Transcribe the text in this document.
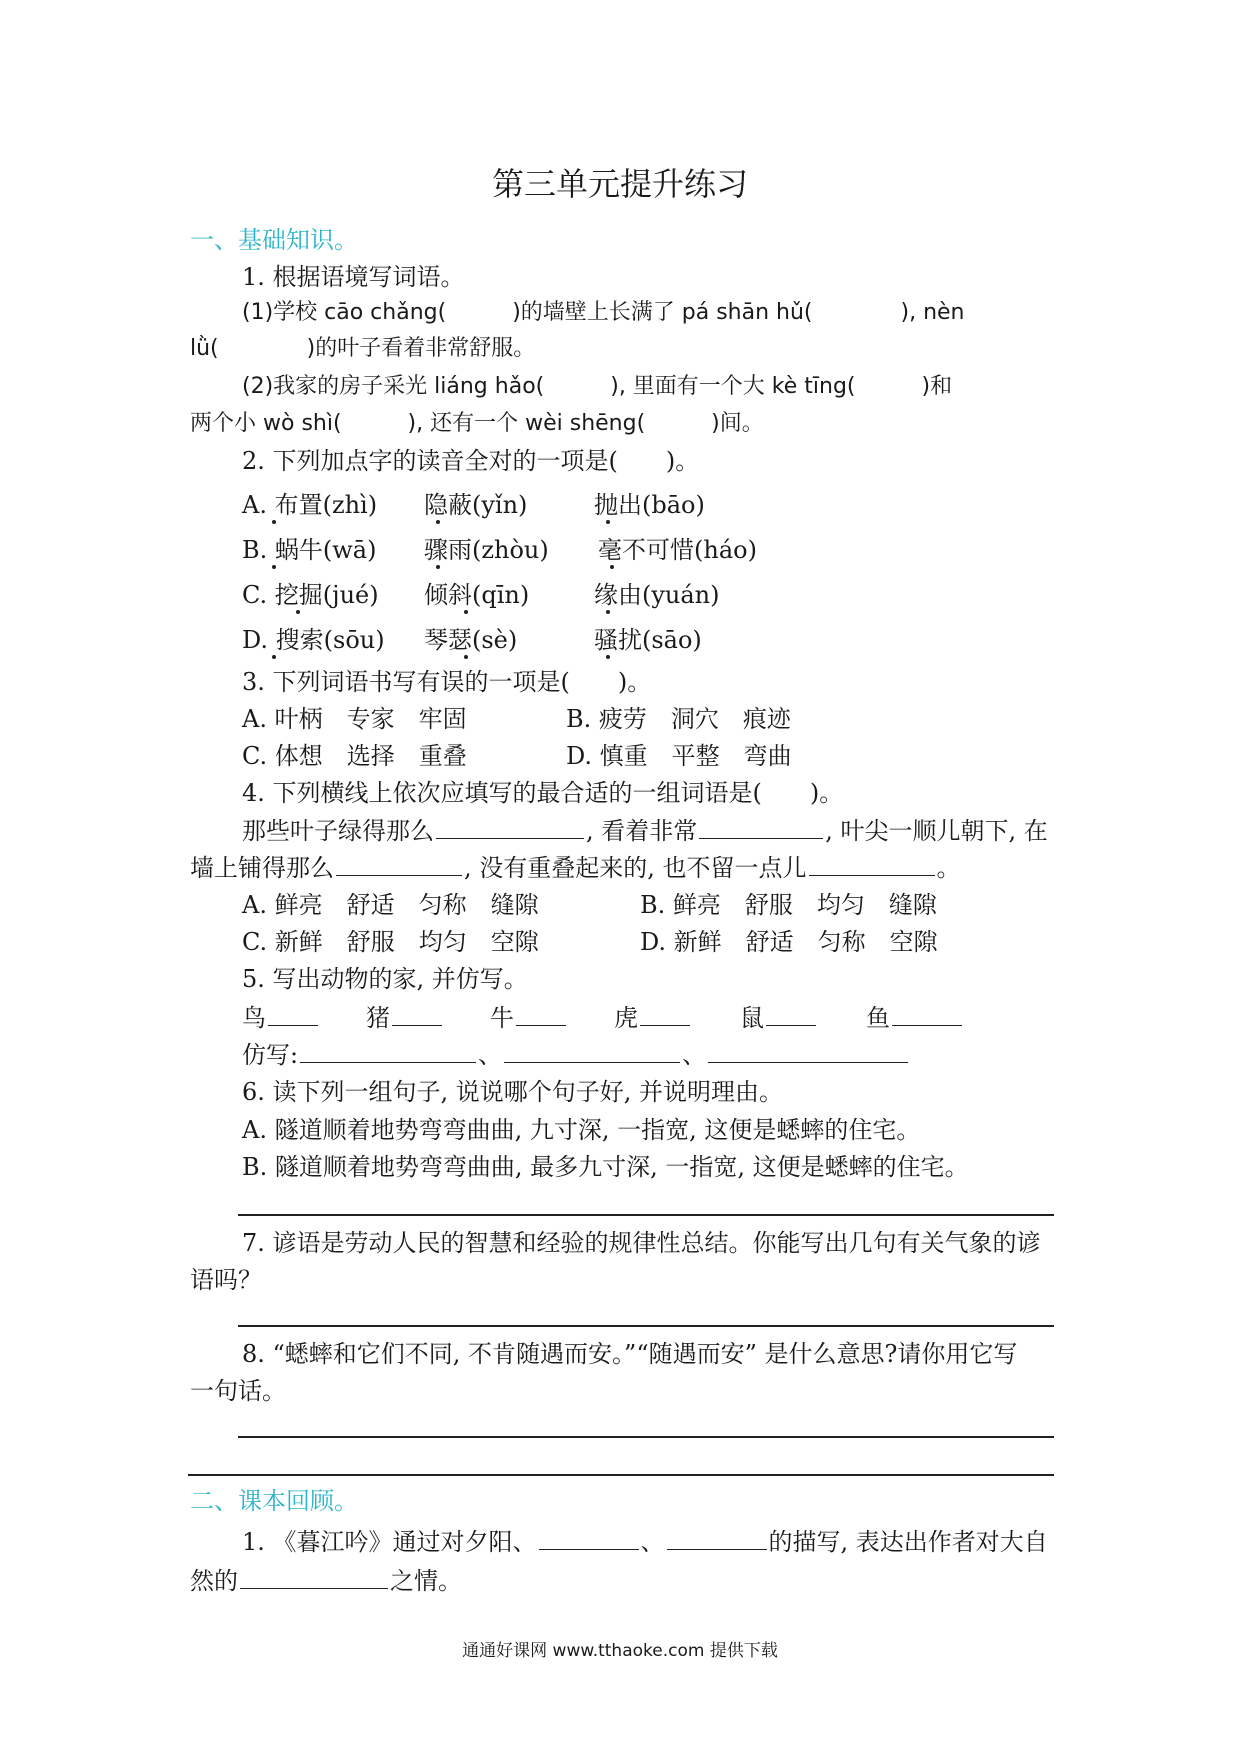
第三单元提升练习
一、基础知识。
1. 根据语境写词语。
(1)学校 cāo chǎng(　　　)的墙壁上长满了 pá shān hǔ(　　　　), nèn
lǜ(　　　　)的叶子看着非常舒服。
(2)我家的房子采光 liáng hǎo(　　　), 里面有一个大 kè tīng(　　　)和
两个小 wò shì(　　　), 还有一个 wèi shēng(　　　)间。
2. 下列加点字的读音全对的一项是(　　)。
A. 布置(zhì) 隐蔽(yǐn)	抛出(bāo)
B. 蜗牛(wā) 骤雨(zhòu) 毫不可惜(háo)
C. 挖掘(jué) 倾斜(qīn)	缘由(yuán)
D. 搜索(sōu) 琴瑟(sè)	骚扰(sāo)
3. 下列词语书写有误的一项是(　　)。
A. 叶柄　专家　牢固	B. 疲劳　洞穴　痕迹
C. 体想　选择　重叠	D. 慎重　平整　弯曲
4. 下列横线上依次应填写的最合适的一组词语是(　　)。
那些叶子绿得那么	, 看着非常	, 叶尖一顺儿朝下, 在
墙上铺得那么	, 没有重叠起来的, 也不留一点儿	。
A. 鲜亮　舒适　匀称　缝隙	B. 鲜亮　舒服　均匀　缝隙
C. 新鲜　舒服　均匀　空隙	D. 新鲜　舒适　匀称　空隙
5. 写出动物的家, 并仿写。
鸟	猪	牛	虎	鼠	鱼
仿写:	、	、
6. 读下列一组句子, 说说哪个句子好, 并说明理由。
A. 隧道顺着地势弯弯曲曲, 九寸深, 一指宽, 这便是蟋蟀的住宅。
B. 隧道顺着地势弯弯曲曲, 最多九寸深, 一指宽, 这便是蟋蟀的住宅。
7. 谚语是劳动人民的智慧和经验的规律性总结。你能写出几句有关气象的谚
语吗？
8. “蟋蟀和它们不同, 不肯随遇而安。”“随遇而安” 是什么意思?请你用它写
一句话。
二、课本回顾。
1. 《暮江吟》通过对夕阳、	、	的描写, 表达出作者对大自
然的	之情。
通通好课网 www.tthaoke.com 提供下载
